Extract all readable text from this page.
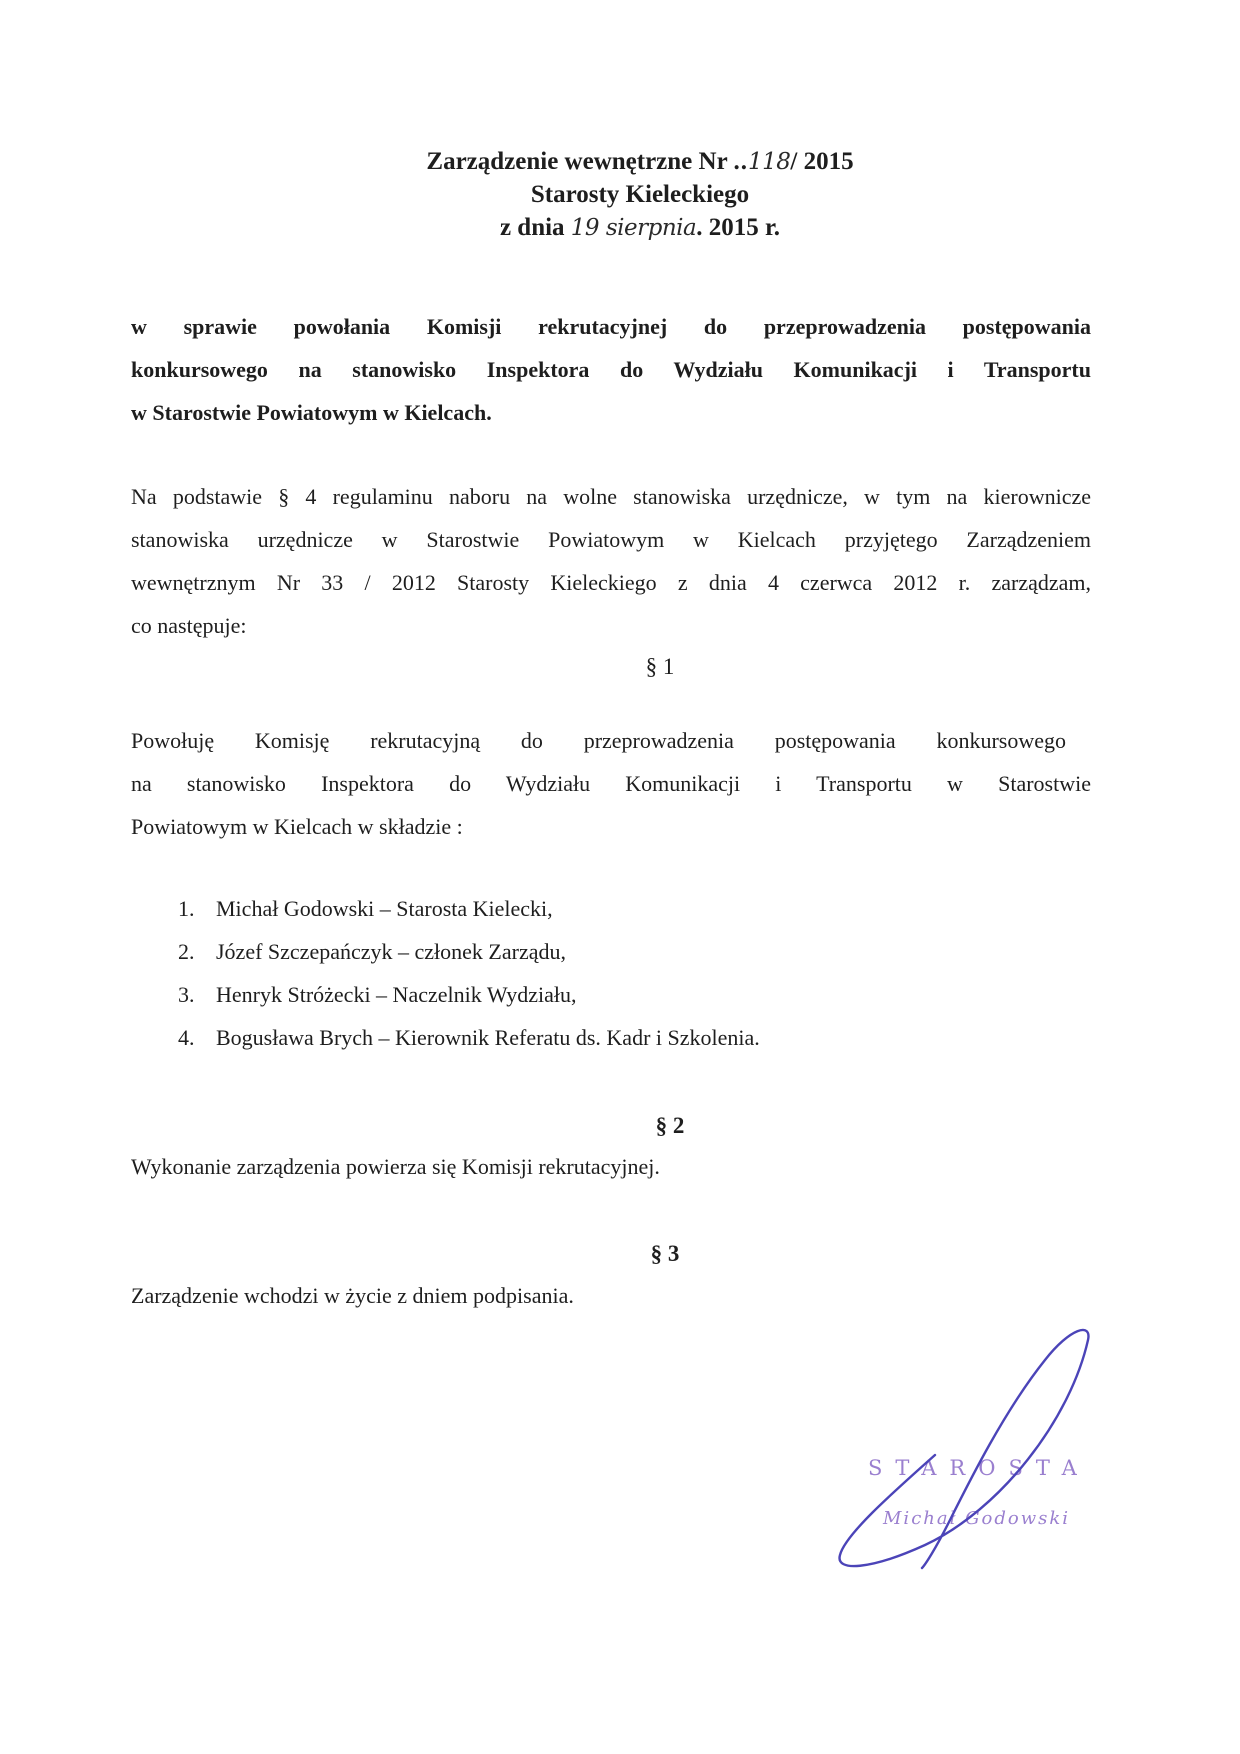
Zarządzenie wewnętrzne Nr ..118/ 2015
Starosty Kieleckiego
z dnia 19 sierpnia. 2015 r.
w sprawie powołania Komisji rekrutacyjnej do przeprowadzenia postępowania
konkursowego na stanowisko Inspektora do Wydziału Komunikacji i Transportu
w Starostwie Powiatowym w Kielcach.
Na podstawie § 4 regulaminu naboru na wolne stanowiska urzędnicze, w tym na kierownicze
stanowiska urzędnicze w Starostwie Powiatowym w Kielcach przyjętego Zarządzeniem
wewnętrznym Nr 33 / 2012 Starosty Kieleckiego z dnia 4 czerwca 2012 r. zarządzam,
co następuje:
§ 1
Powołuję Komisję rekrutacyjną do przeprowadzenia postępowania konkursowego
na stanowisko Inspektora do Wydziału Komunikacji i Transportu w Starostwie
Powiatowym w Kielcach w składzie :
1. Michał Godowski – Starosta Kielecki,
2. Józef Szczepańczyk – członek Zarządu,
3. Henryk Stróżecki – Naczelnik Wydziału,
4. Bogusława Brych – Kierownik Referatu ds. Kadr i Szkolenia.
§ 2
Wykonanie zarządzenia powierza się Komisji rekrutacyjnej.
§ 3
Zarządzenie wchodzi w życie z dniem podpisania.
STAROSTA
Michał Godowski
